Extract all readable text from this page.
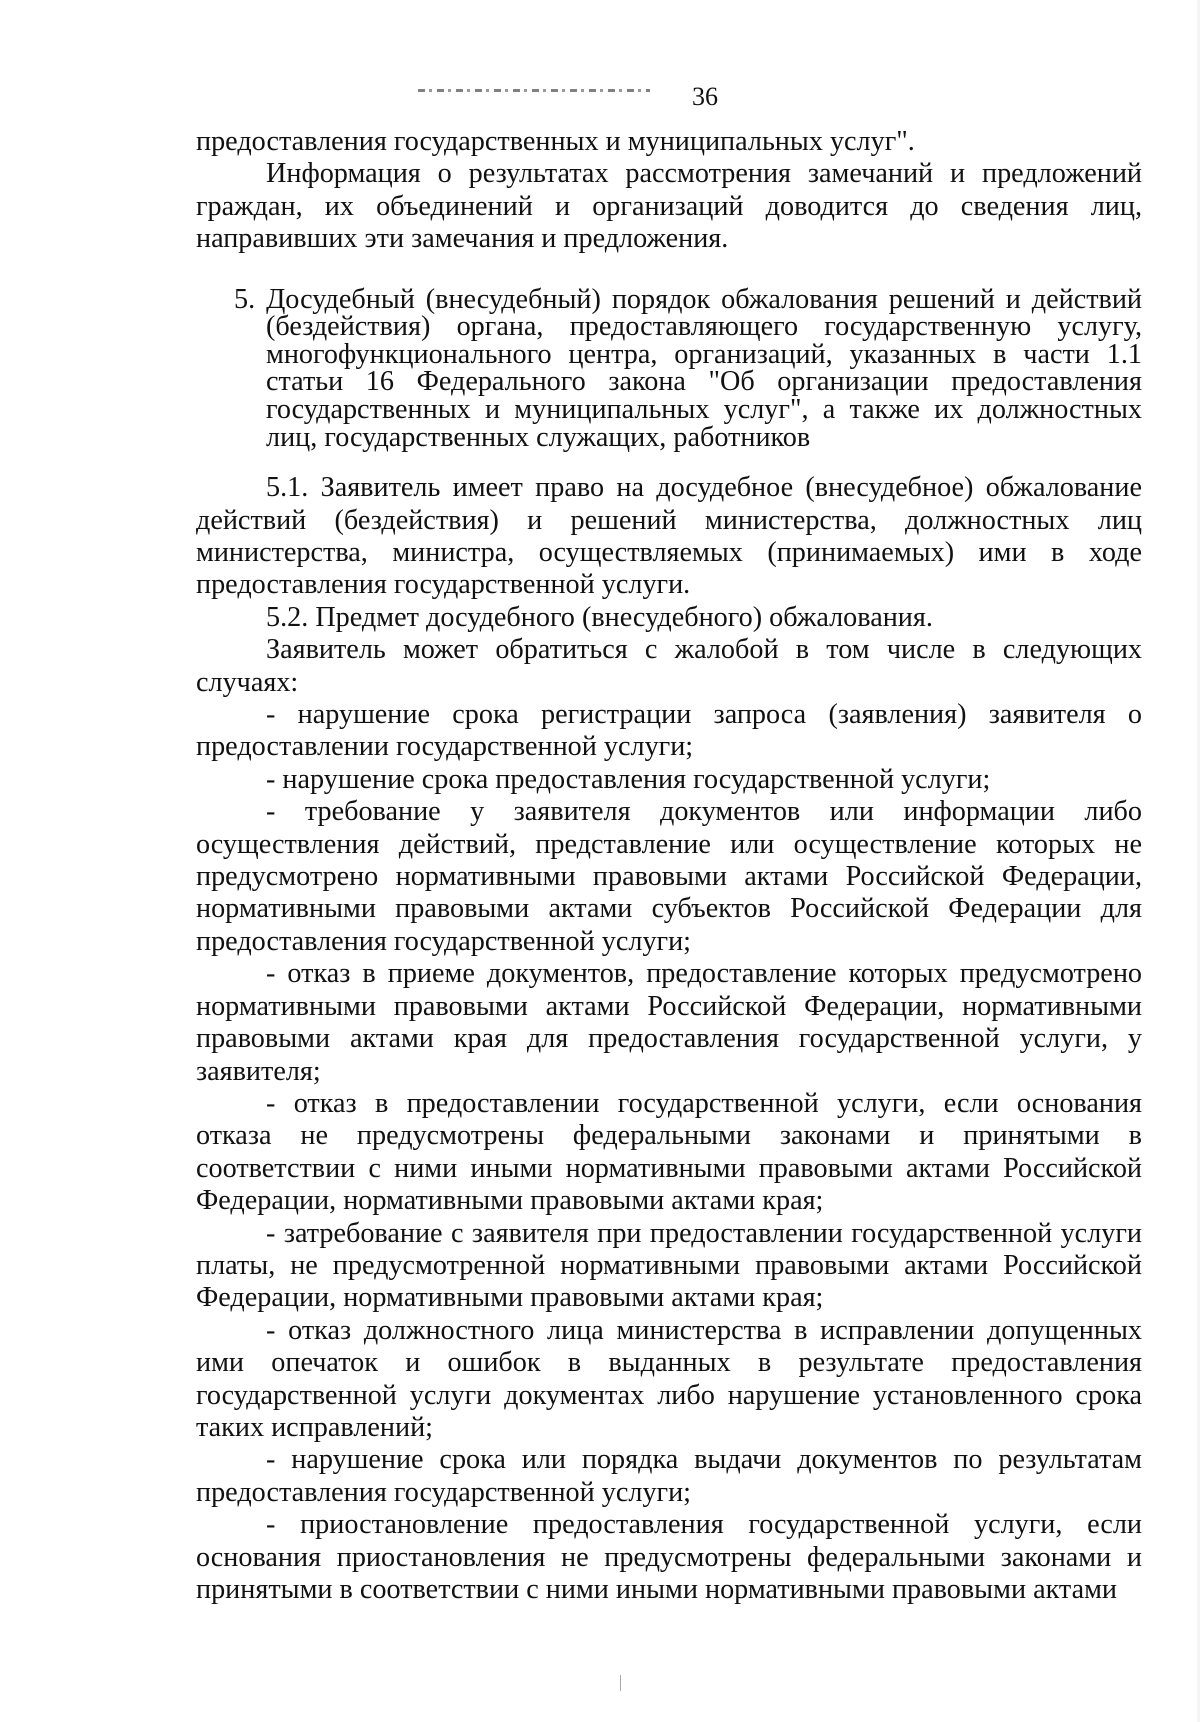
36

предоставления государственных и муниципальных услуг".

Информация о результатах рассмотрения замечаний и предложений граждан, их объединений и организаций доводится до сведения лиц, направивших эти замечания и предложения.

5. Досудебный (внесудебный) порядок обжалования решений и действий (бездействия) органа, предоставляющего государственную услугу, многофункционального центра, организаций, указанных в части 1.1 статьи 16 Федерального закона "Об организации предоставления государственных и муниципальных услуг", а также их должностных лиц, государственных служащих, работников

5.1. Заявитель имеет право на досудебное (внесудебное) обжалование действий (бездействия) и решений министерства, должностных лиц министерства, министра, осуществляемых (принимаемых) ими в ходе предоставления государственной услуги.

5.2. Предмет досудебного (внесудебного) обжалования.

Заявитель может обратиться с жалобой в том числе в следующих случаях:

- нарушение срока регистрации запроса (заявления) заявителя о предоставлении государственной услуги;

- нарушение срока предоставления государственной услуги;

- требование у заявителя документов или информации либо осуществления действий, представление или осуществление которых не предусмотрено нормативными правовыми актами Российской Федерации, нормативными правовыми актами субъектов Российской Федерации для предоставления государственной услуги;

- отказ в приеме документов, предоставление которых предусмотрено нормативными правовыми актами Российской Федерации, нормативными правовыми актами края для предоставления государственной услуги, у заявителя;

- отказ в предоставлении государственной услуги, если основания отказа не предусмотрены федеральными законами и принятыми в соответствии с ними иными нормативными правовыми актами Российской Федерации, нормативными правовыми актами края;

- затребование с заявителя при предоставлении государственной услуги платы, не предусмотренной нормативными правовыми актами Российской Федерации, нормативными правовыми актами края;

- отказ должностного лица министерства в исправлении допущенных ими опечаток и ошибок в выданных в результате предоставления государственной услуги документах либо нарушение установленного срока таких исправлений;

- нарушение срока или порядка выдачи документов по результатам предоставления государственной услуги;

- приостановление предоставления государственной услуги, если основания приостановления не предусмотрены федеральными законами и принятыми в соответствии с ними иными нормативными правовыми актами
